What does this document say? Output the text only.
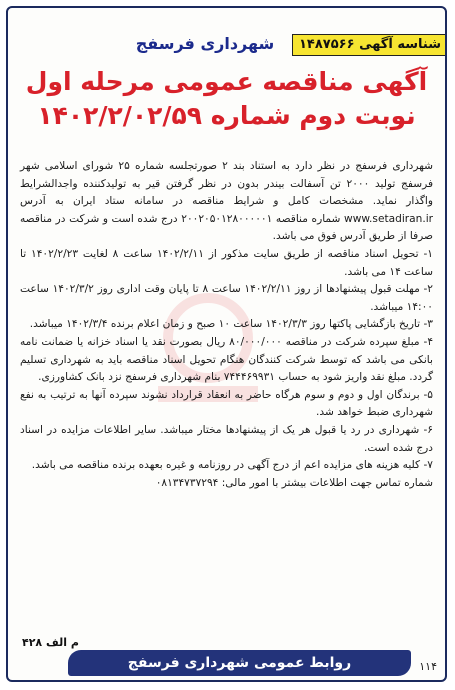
شناسه آگهی ۱۴۸۷۵۶۶
شهرداری فرسفج
آگهی مناقصه عمومی مرحله اول
نوبت دوم شماره ۱۴۰۲/۲/۰۲/۵۹

شهرداری فرسفج در نظر دارد به استناد بند ۲ صورتجلسه شماره ۲۵ شورای اسلامی شهر فرسفج تولید ۲۰۰۰ تن آسفالت بیندر بدون در نظر گرفتن قیر به تولیدکننده واجدالشرایط واگذار نماید. مشخصات کامل و شرایط مناقصه در سامانه ستاد ایران به آدرس www.setadiran.ir شماره مناقصه ۲۰۰۲۰۵۰۱۲۸۰۰۰۰۰۱ درج شده است و شرکت در مناقصه صرفا از طریق آدرس فوق می باشد.

۱- تحویل اسناد مناقصه از طریق سایت مذکور از ۱۴۰۲/۲/۱۱ ساعت ۸ لغایت ۱۴۰۲/۲/۲۳ تا ساعت ۱۴ می باشد.

۲- مهلت قبول پیشنهادها از روز ۱۴۰۲/۲/۱۱ ساعت ۸ تا پایان وقت اداری روز ۱۴۰۲/۳/۲ ساعت ۱۴:۰۰ میباشد.

۳- تاریخ بازگشایی پاکتها روز ۱۴۰۲/۳/۳ ساعت ۱۰ صبح و زمان اعلام برنده ۱۴۰۲/۳/۴ میباشد.

۴- مبلغ سپرده شرکت در مناقصه ۸۰/۰۰۰/۰۰۰ ریال بصورت نقد یا اسناد خزانه یا ضمانت نامه بانکی می باشد که توسط شرکت کنندگان هنگام تحویل اسناد مناقصه باید به شهرداری تسلیم گردد. مبلغ نقد واریز شود به حساب ۷۴۴۴۶۹۹۳۱ بنام شهرداری فرسفج نزد بانک کشاورزی.

۵- برندگان اول و دوم و سوم هرگاه حاضر به انعقاد قرارداد نشوند سپرده آنها به ترتیب به نفع شهرداری ضبط خواهد شد.

۶- شهرداری در رد یا قبول هر یک از پیشنهادها مختار میباشد. سایر اطلاعات مزایده در اسناد درج شده است.

۷- کلیه هزینه های مزایده اعم از درج آگهی در روزنامه و غیره بعهده برنده مناقصه می باشد.

شماره تماس جهت اطلاعات بیشتر با امور مالی: ۰۸۱۳۴۷۳۷۲۹۴

م الف ۴۲۸
روابط عمومی شهرداری فرسفج	۱۱۴
